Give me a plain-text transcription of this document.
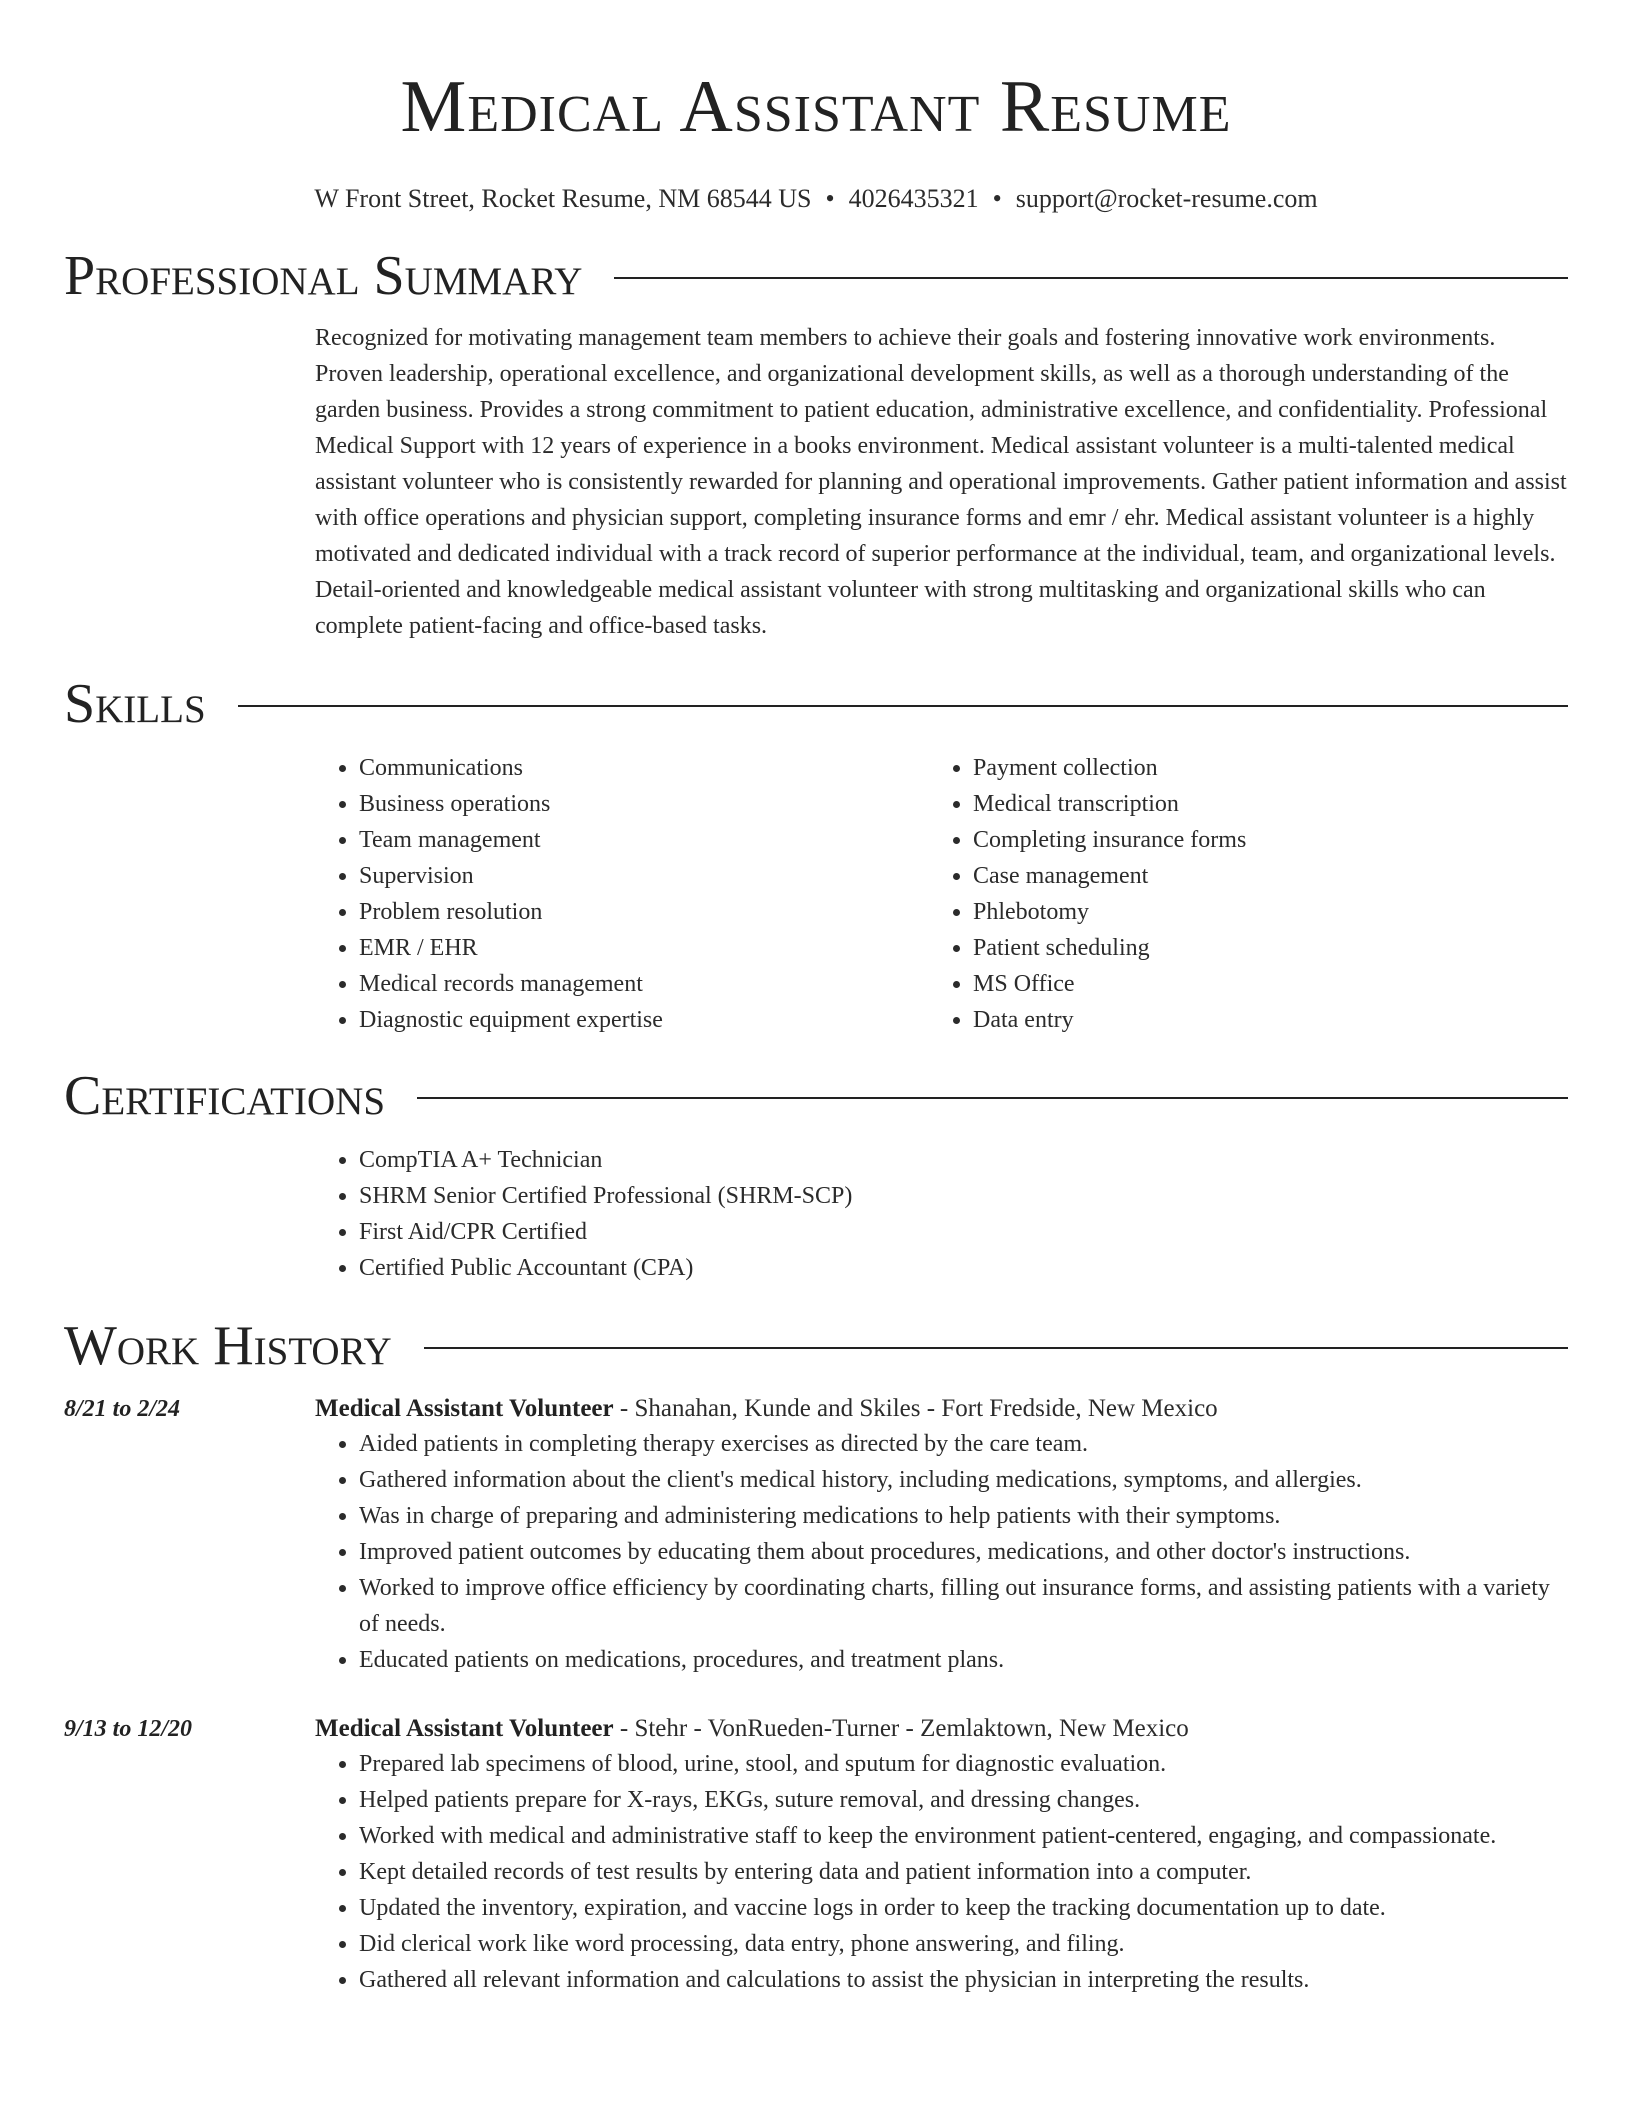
Medical Assistant Resume
W Front Street, Rocket Resume, NM 68544 US • 4026435321 • support@rocket-resume.com
Professional Summary

Recognized for motivating management team members to achieve their goals and fostering innovative work environments. Proven leadership, operational excellence, and organizational development skills, as well as a thorough understanding of the garden business. Provides a strong commitment to patient education, administrative excellence, and confidentiality. Professional Medical Support with 12 years of experience in a books environment. Medical assistant volunteer is a multi-talented medical assistant volunteer who is consistently rewarded for planning and operational improvements. Gather patient information and assist with office operations and physician support, completing insurance forms and emr / ehr. Medical assistant volunteer is a highly motivated and dedicated individual with a track record of superior performance at the individual, team, and organizational levels. Detail-oriented and knowledgeable medical assistant volunteer with strong multitasking and organizational skills who can complete patient-facing and office-based tasks.

Skills
• Communications
• Business operations
• Team management
• Supervision
• Problem resolution
• EMR / EHR
• Medical records management
• Diagnostic equipment expertise
• Payment collection
• Medical transcription
• Completing insurance forms
• Case management
• Phlebotomy
• Patient scheduling
• MS Office
• Data entry
Certifications
• CompTIA A+ Technician
• SHRM Senior Certified Professional (SHRM-SCP)
• First Aid/CPR Certified
• Certified Public Accountant (CPA)
Work History
8/21 to 2/24	Medical Assistant Volunteer - Shanahan, Kunde and Skiles - Fort Fredside, New Mexico
• Aided patients in completing therapy exercises as directed by the care team.
• Gathered information about the client's medical history, including medications, symptoms, and allergies.
• Was in charge of preparing and administering medications to help patients with their symptoms.
• Improved patient outcomes by educating them about procedures, medications, and other doctor's instructions.
• Worked to improve office efficiency by coordinating charts, filling out insurance forms, and assisting patients with a variety of needs.
• Educated patients on medications, procedures, and treatment plans.
9/13 to 12/20	Medical Assistant Volunteer - Stehr - VonRueden-Turner - Zemlaktown, New Mexico
• Prepared lab specimens of blood, urine, stool, and sputum for diagnostic evaluation.
• Helped patients prepare for X-rays, EKGs, suture removal, and dressing changes.
• Worked with medical and administrative staff to keep the environment patient-centered, engaging, and compassionate.
• Kept detailed records of test results by entering data and patient information into a computer.
• Updated the inventory, expiration, and vaccine logs in order to keep the tracking documentation up to date.
• Did clerical work like word processing, data entry, phone answering, and filing.
• Gathered all relevant information and calculations to assist the physician in interpreting the results.
